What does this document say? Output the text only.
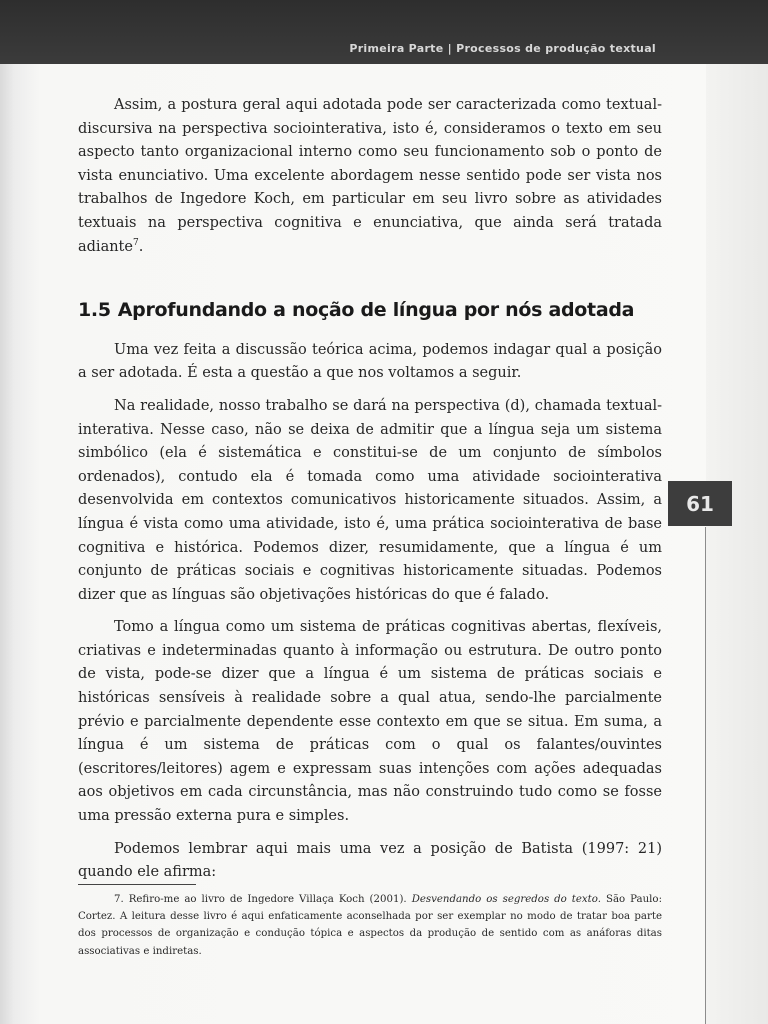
Primeira Parte | Processos de produção textual
61

Assim, a postura geral aqui adotada pode ser caracterizada como textual-discursiva na perspectiva sociointerativa, isto é, consideramos o texto em seu aspecto tanto organizacional interno como seu funcionamento sob o ponto de vista enunciativo. Uma excelente abordagem nesse sentido pode ser vista nos trabalhos de Ingedore Koch, em particular em seu livro sobre as atividades textuais na perspectiva cognitiva e enunciativa, que ainda será tratada adiante$^7$.

1.5 Aprofundando a noção de língua por nós adotada

Uma vez feita a discussão teórica acima, podemos indagar qual a posição a ser adotada. É esta a questão a que nos voltamos a seguir.

Na realidade, nosso trabalho se dará na perspectiva (d), chamada textual-interativa. Nesse caso, não se deixa de admitir que a língua seja um sistema simbólico (ela é sistemática e constitui-se de um conjunto de símbolos ordenados), contudo ela é tomada como uma atividade sociointerativa desenvolvida em contextos comunicativos historicamente situados. Assim, a língua é vista como uma atividade, isto é, uma prática sociointerativa de base cognitiva e histórica. Podemos dizer, resumidamente, que a língua é um conjunto de práticas sociais e cognitivas historicamente situadas. Podemos dizer que as línguas são objetivações históricas do que é falado.

Tomo a língua como um sistema de práticas cognitivas abertas, flexíveis, criativas e indeterminadas quanto à informação ou estrutura. De outro ponto de vista, pode-se dizer que a língua é um sistema de práticas sociais e históricas sensíveis à realidade sobre a qual atua, sendo-lhe parcialmente prévio e parcialmente dependente esse contexto em que se situa. Em suma, a língua é um sistema de práticas com o qual os falantes/ouvintes (escritores/leitores) agem e expressam suas intenções com ações adequadas aos objetivos em cada circunstância, mas não construindo tudo como se fosse uma pressão externa pura e simples.

Podemos lembrar aqui mais uma vez a posição de Batista (1997: 21) quando ele afirma:

7. Refiro-me ao livro de Ingedore Villaça Koch (2001). Desvendando os segredos do texto. São Paulo: Cortez. A leitura desse livro é aqui enfaticamente aconselhada por ser exemplar no modo de tratar boa parte dos processos de organização e condução tópica e aspectos da produção de sentido com as anáforas ditas associativas e indiretas.
